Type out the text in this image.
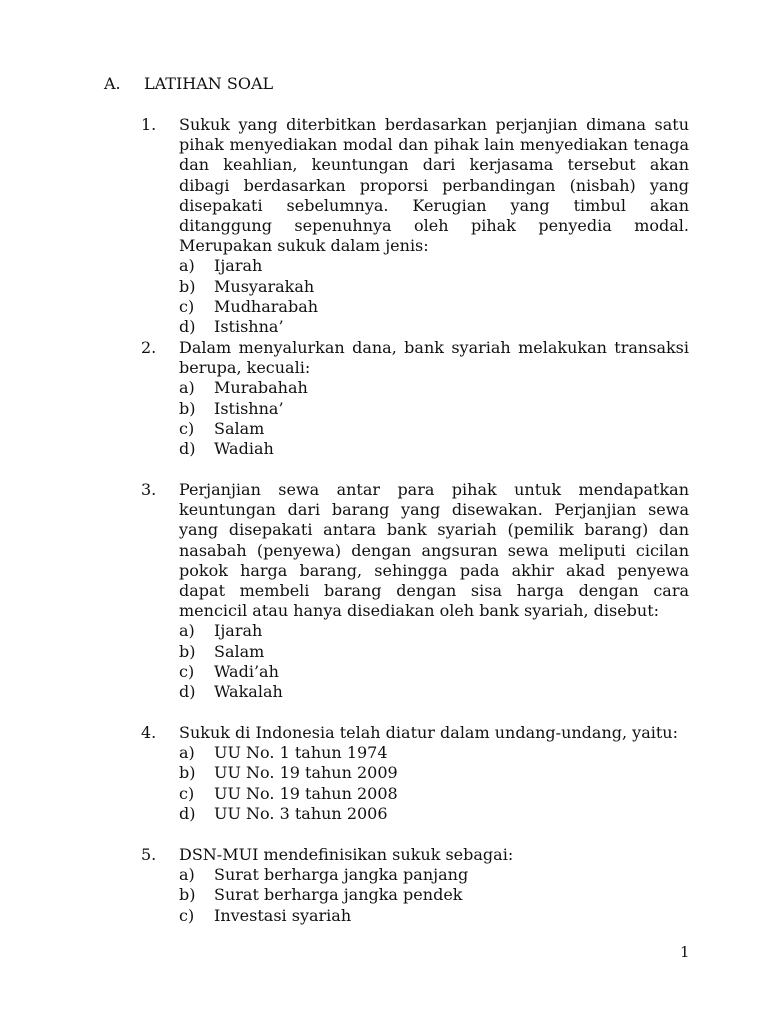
A. LATIHAN SOAL
1. Sukuk yang diterbitkan berdasarkan perjanjian dimana satu pihak menyediakan modal dan pihak lain menyediakan tenaga dan keahlian, keuntungan dari kerjasama tersebut akan dibagi berdasarkan proporsi perbandingan (nisbah) yang disepakati sebelumnya. Kerugian yang timbul akan ditanggung sepenuhnya oleh pihak penyedia modal. Merupakan sukuk dalam jenis:

a)	Ijarah
b)	Musyarakah
c)	Mudharabah
d)	Istishna’
2. Dalam menyalurkan dana, bank syariah melakukan transaksi berupa, kecuali:

a)	Murabahah
b)	Istishna’
c)	Salam
d)	Wadiah
3. Perjanjian sewa antar para pihak untuk mendapatkan keuntungan dari barang yang disewakan. Perjanjian sewa yang disepakati antara bank syariah (pemilik barang) dan nasabah (penyewa) dengan angsuran sewa meliputi cicilan pokok harga barang, sehingga pada akhir akad penyewa dapat membeli barang dengan sisa harga dengan cara mencicil atau hanya disediakan oleh bank syariah, disebut:

a)	Ijarah
b)	Salam
c)	Wadi’ah
d)	Wakalah
4. Sukuk di Indonesia telah diatur dalam undang-undang, yaitu:

a)	UU No. 1 tahun 1974
b)	UU No. 19 tahun 2009
c)	UU No. 19 tahun 2008
d)	UU No. 3 tahun 2006
5. DSN-MUI mendefinisikan sukuk sebagai:

a)	Surat berharga jangka panjang
b)	Surat berharga jangka pendek
c)	Investasi syariah
1
